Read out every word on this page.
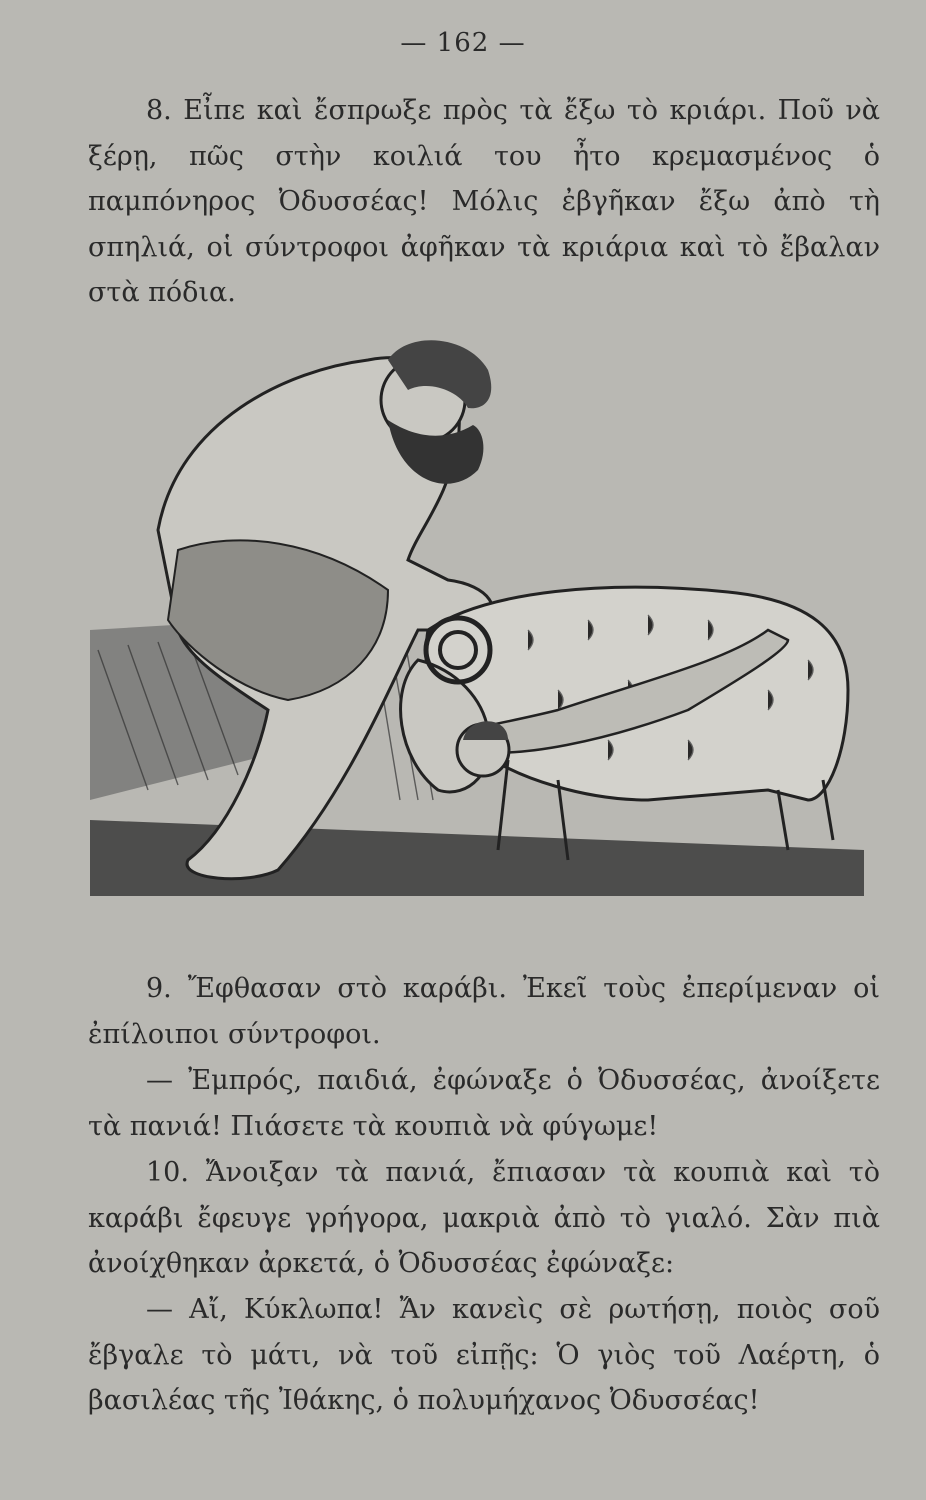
— 162 —

8. Εἶπε καὶ ἔσπρωξε πρὸς τὰ ἔξω τὸ κριάρι. Ποῦ νὰ ξέρῃ, πῶς στὴν κοιλιά του ἦτο κρεμασμένος ὁ παμπόνηρος Ὀδυσσέας! Μόλις ἐβγῆκαν ἔξω ἀπὸ τὴ σπηλιά, οἱ σύντροφοι ἀφῆκαν τὰ κριάρια καὶ τὸ ἔβαλαν στὰ πόδια.

9. Ἔφθασαν στὸ καράβι. Ἐκεῖ τοὺς ἐπερίμεναν οἱ ἐπίλοιποι σύντροφοι.

— Ἐμπρός, παιδιά, ἐφώναξε ὁ Ὀδυσσέας, ἀνοίξετε τὰ πανιά! Πιάσετε τὰ κουπιὰ νὰ φύγωμε!

10. Ἄνοιξαν τὰ πανιά, ἔπιασαν τὰ κουπιὰ καὶ τὸ καράβι ἔφευγε γρήγορα, μακριὰ ἀπὸ τὸ γιαλό. Σὰν πιὰ ἀνοίχθηκαν ἀρκετά, ὁ Ὀδυσσέας ἐφώναξε:

— Αἴ, Κύκλωπα! Ἄν κανεὶς σὲ ρωτήσῃ, ποιὸς σοῦ ἔβγαλε τὸ μάτι, νὰ τοῦ εἰπῇς: Ὁ γιὸς τοῦ Λαέρτη, ὁ βασιλέας τῆς Ἰθάκης, ὁ πολυμήχανος Ὀδυσσέας!
